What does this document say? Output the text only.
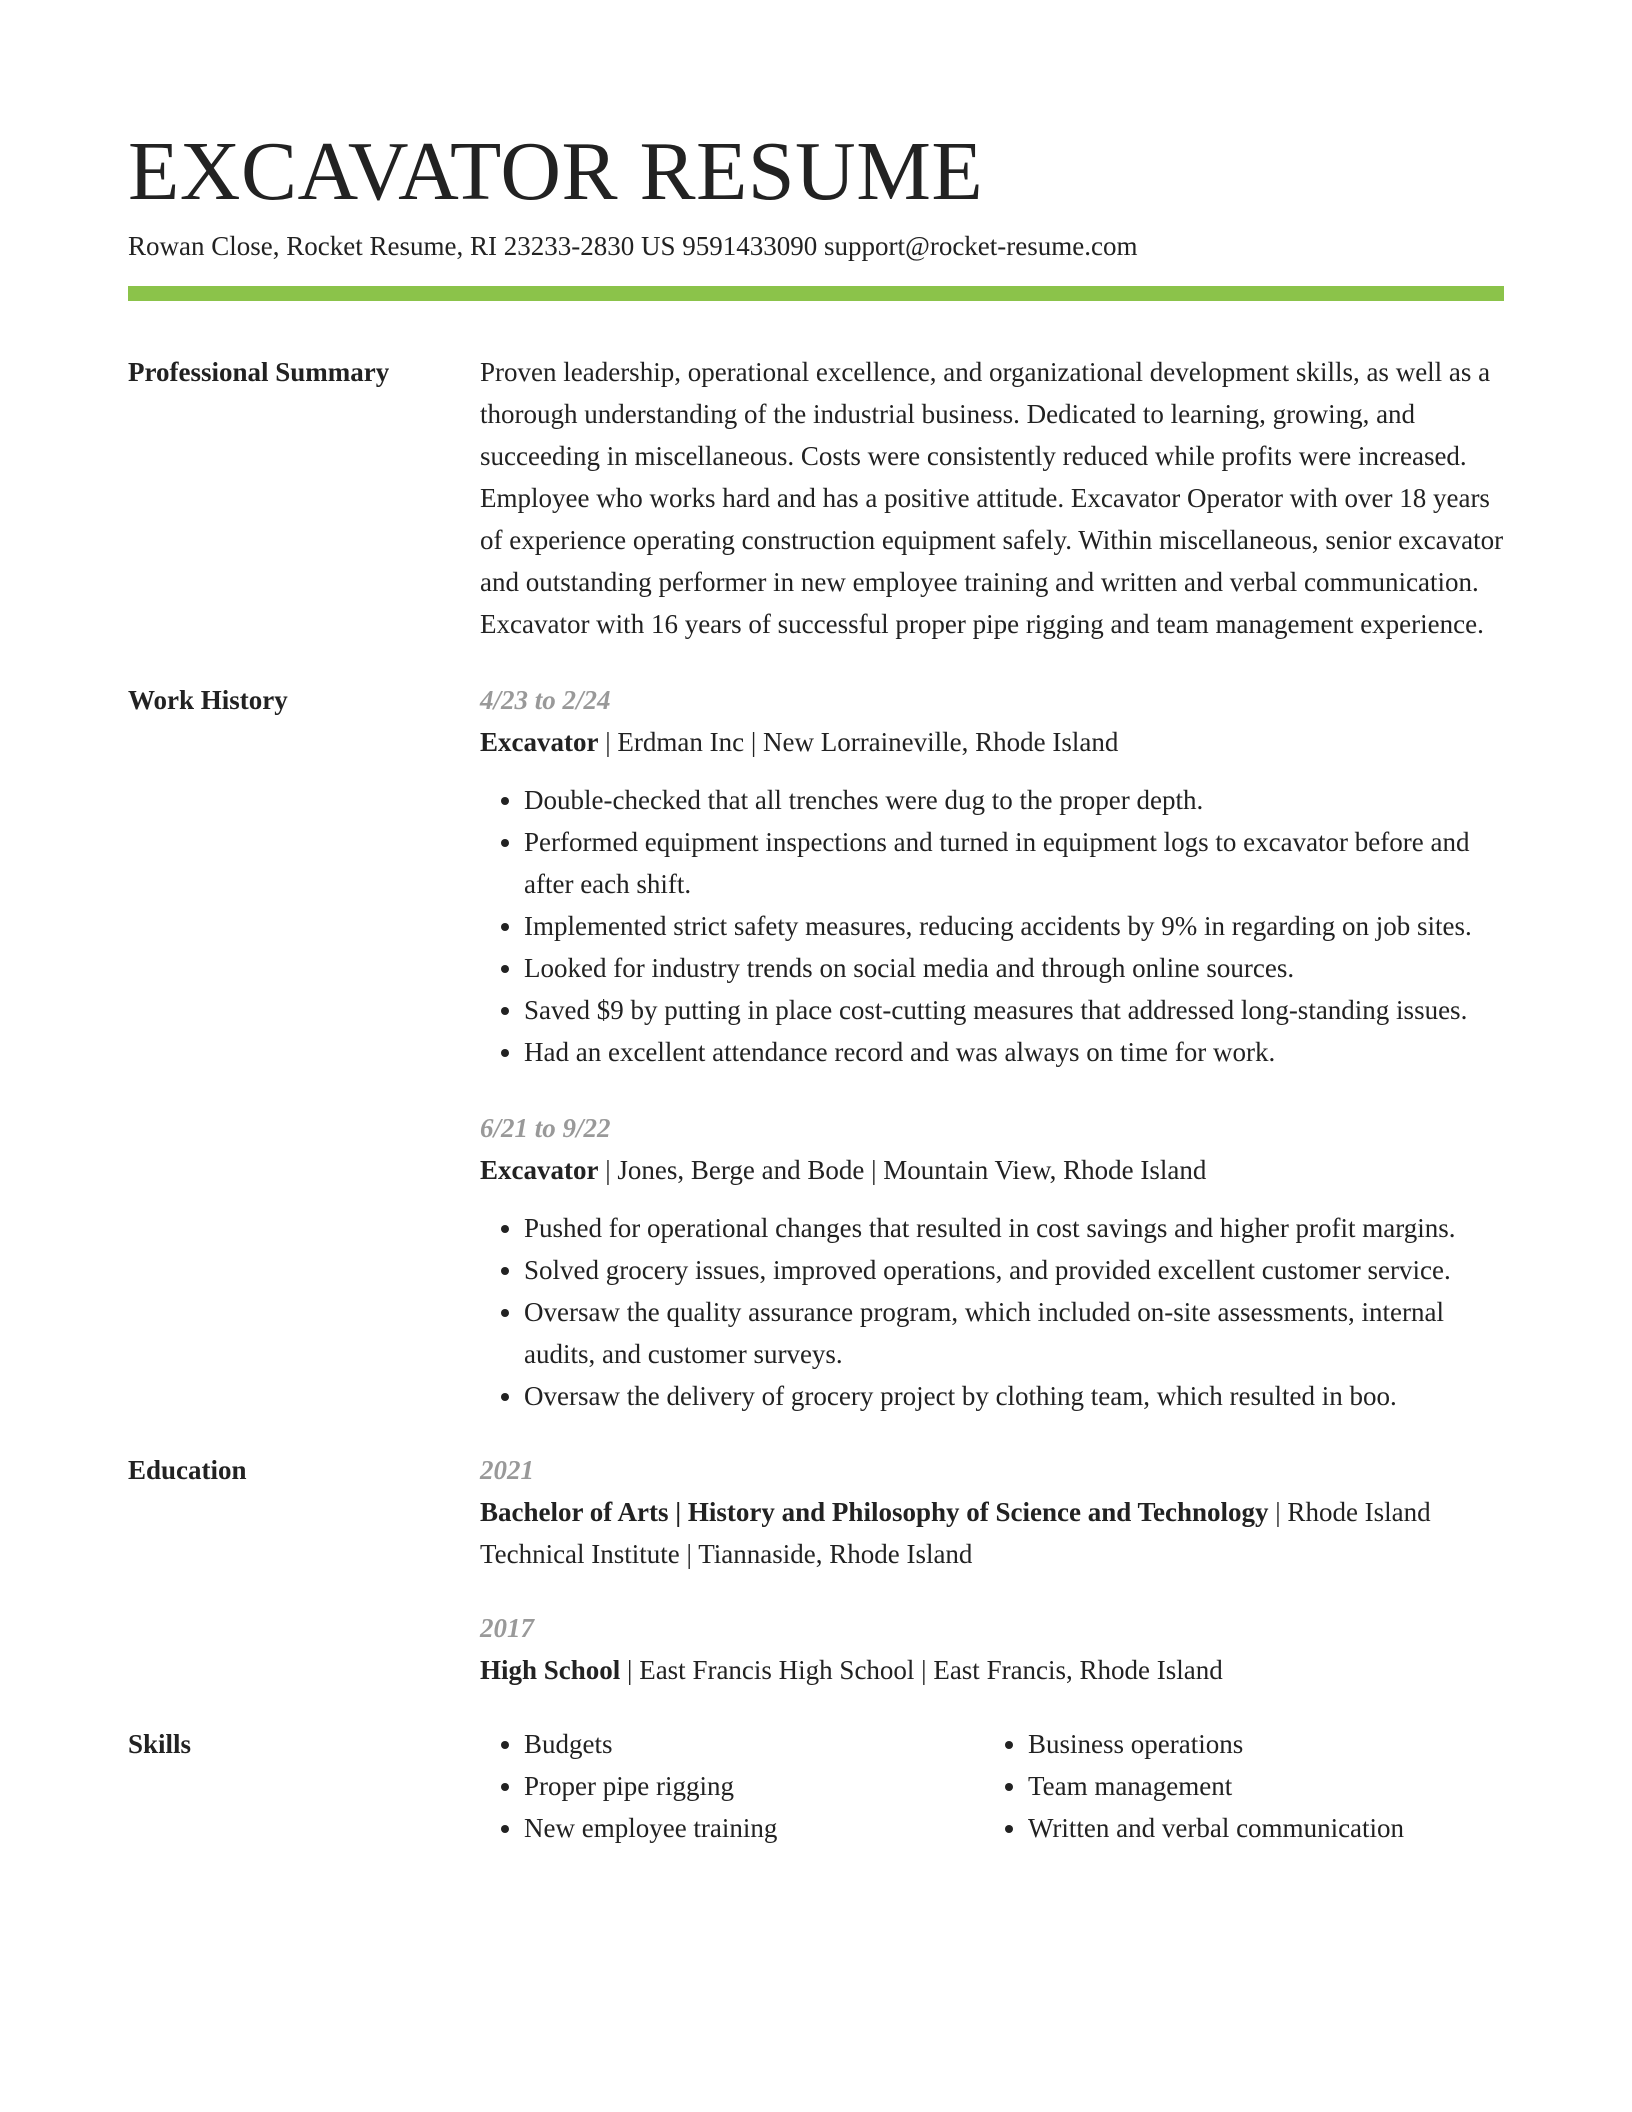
EXCAVATOR RESUME
Rowan Close, Rocket Resume, RI 23233-2830 US 9591433090 support@rocket-resume.com
Professional Summary	Proven leadership, operational excellence, and organizational development skills, as well as a thorough understanding of the industrial business. Dedicated to learning, growing, and succeeding in miscellaneous. Costs were consistently reduced while profits were increased. Employee who works hard and has a positive attitude. Excavator Operator with over 18 years of experience operating construction equipment safely. Within miscellaneous, senior excavator and outstanding performer in new employee training and written and verbal communication. Excavator with 16 years of successful proper pipe rigging and team management experience.
Work History	4/23 to 2/24
Excavator | Erdman Inc | New Lorraineville, Rhode Island
• Double-checked that all trenches were dug to the proper depth.
• Performed equipment inspections and turned in equipment logs to excavator before and after each shift.
• Implemented strict safety measures, reducing accidents by 9% in regarding on job sites.
• Looked for industry trends on social media and through online sources.
• Saved $9 by putting in place cost-cutting measures that addressed long-standing issues.
• Had an excellent attendance record and was always on time for work.
6/21 to 9/22
Excavator | Jones, Berge and Bode | Mountain View, Rhode Island
• Pushed for operational changes that resulted in cost savings and higher profit margins.
• Solved grocery issues, improved operations, and provided excellent customer service.
• Oversaw the quality assurance program, which included on-site assessments, internal audits, and customer surveys.
• Oversaw the delivery of grocery project by clothing team, which resulted in boo.
Education	2021
Bachelor of Arts | History and Philosophy of Science and Technology | Rhode Island Technical Institute | Tiannaside, Rhode Island
2017
High School | East Francis High School | East Francis, Rhode Island
Skills
•	Budgets
• Proper pipe rigging
• New employee training
• Business operations
• Team management
• Written and verbal communication
